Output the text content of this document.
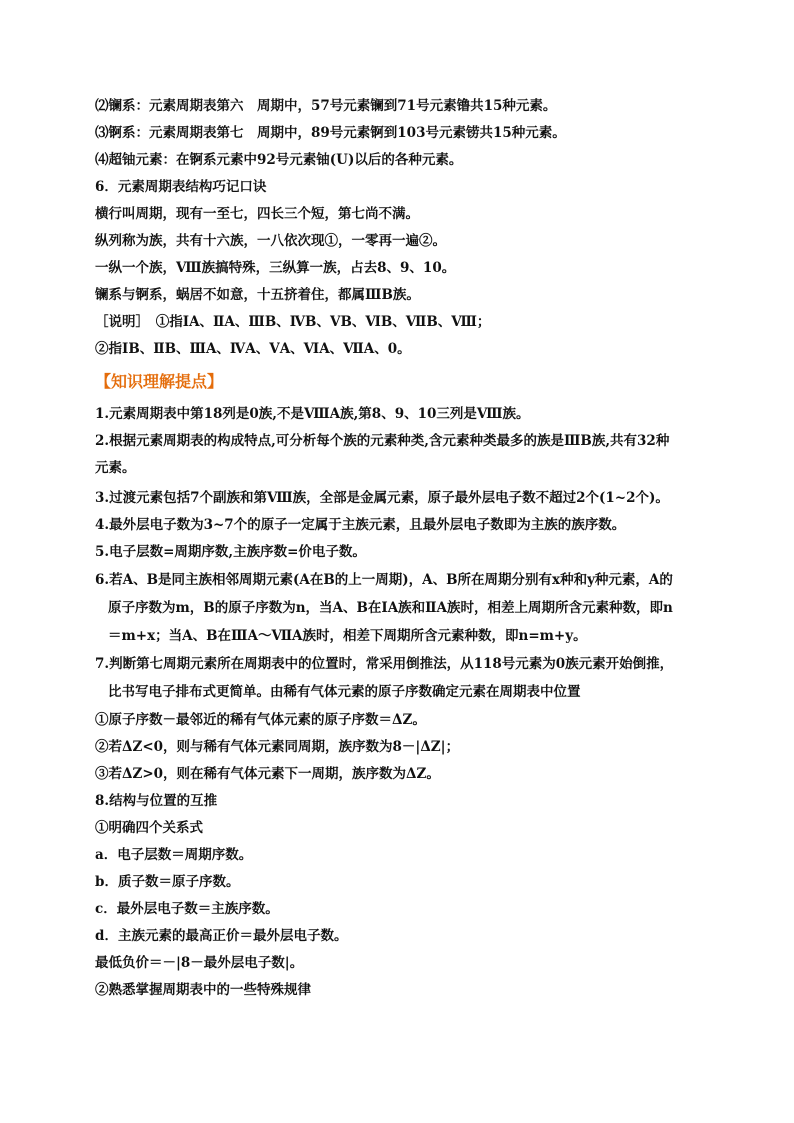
⑵镧系：元素周期表第六　周期中，57号元素镧到71号元素镥共15种元素。
⑶锕系：元素周期表第七　周期中，89号元素锕到103号元素铹共15种元素。
⑷超铀元素：在锕系元素中92号元素铀(U)以后的各种元素。
6．元素周期表结构巧记口诀
横行叫周期，现有一至七，四长三个短，第七尚不满。
纵列称为族，共有十六族，一八依次现①，一零再一遍②。
一纵一个族，Ⅷ族搞特殊，三纵算一族，占去8、9、10。
镧系与锕系，蜗居不如意，十五挤着住，都属ⅢB族。
［说明］　①指ⅠA、ⅡA、ⅢB、ⅣB、ⅤB、ⅥB、ⅦB、Ⅷ；
②指ⅠB、ⅡB、ⅢA、ⅣA、ⅤA、ⅥA、ⅦA、0。
【知识理解提点】
1.元素周期表中第18列是0族,不是ⅧA族,第8、9、10三列是Ⅷ族。
2.根据元素周期表的构成特点,可分析每个族的元素种类,含元素种类最多的族是ⅢB族,共有32种
元素。
3.过渡元素包括7个副族和第Ⅷ族，全部是金属元素，原子最外层电子数不超过2个(1~2个)。
4.最外层电子数为3~7个的原子一定属于主族元素，且最外层电子数即为主族的族序数。
5.电子层数=周期序数,主族序数=价电子数。
6.若A、B是同主族相邻周期元素(A在B的上一周期)，A、B所在周期分别有x种和y种元素，A的
原子序数为m，B的原子序数为n，当A、B在ⅠA族和ⅡA族时，相差上周期所含元素种数，即n
＝m+x；当A、B在ⅢA～ⅦA族时，相差下周期所含元素种数，即n=m+y。
7.判断第七周期元素所在周期表中的位置时，常采用倒推法，从118号元素为0族元素开始倒推，
比书写电子排布式更简单。由稀有气体元素的原子序数确定元素在周期表中位置
①原子序数－最邻近的稀有气体元素的原子序数＝ΔZ。
②若ΔZ<0，则与稀有气体元素同周期，族序数为8－|ΔZ|；
③若ΔZ>0，则在稀有气体元素下一周期，族序数为ΔZ。
8.结构与位置的互推
①明确四个关系式
a．电子层数＝周期序数。
b．质子数＝原子序数。
c．最外层电子数＝主族序数。
d．主族元素的最高正价＝最外层电子数。
最低负价＝－|8－最外层电子数|。
②熟悉掌握周期表中的一些特殊规律
